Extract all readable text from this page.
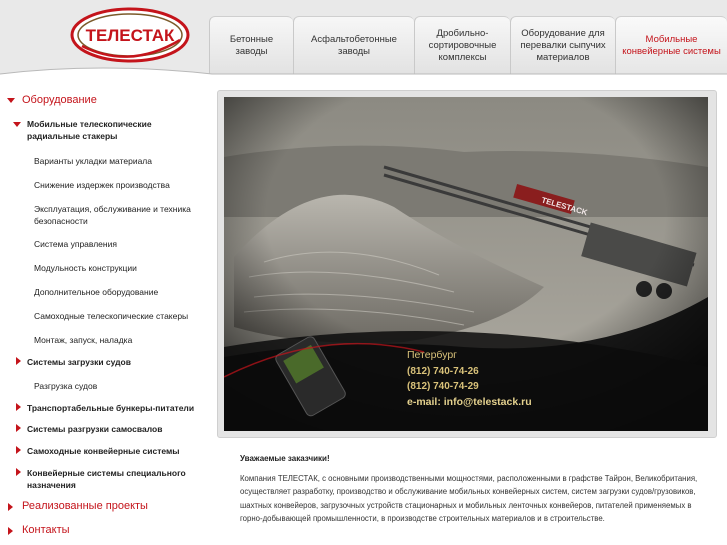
ТЕЛЕСТАК	Бетонные заводы
Асфальтобетонные заводы
Дробильно-сортировочные комплексы
Оборудование для перевалки сыпучих материалов
Мобильные конвейерные системы
Оборудование
Мобильные телескопические радиальные стакеры
Варианты укладки материала
Снижение издержек производства
Эксплуатация, обслуживание и техника безопасности
Система управления
Модульность конструкции
Дополнительное оборудование
Самоходные телескопические стакеры
Монтаж, запуск, наладка
Системы загрузки судов
Разгрузка судов
Транспортабельные бункеры-питатели
Системы разгрузки самосвалов
Самоходные конвейерные системы
Конвейерные системы специального назначения
Реализованные проекты
Контакты
Петербург
(812) 740-74-26
(812) 740-74-29
e-mail: info@telestack.ru
Уважаемые заказчики!
Компания ТЕЛЕСТАК, с основными производственными мощностями, расположенными в графстве Тайрон, Великобритания, осуществляет разработку, производство и обслуживание мобильных конвейерных систем, систем загрузки судов/грузовиков, шахтных конвейеров, загрузочных устройств стационарных и мобильных ленточных конвейеров, питателей применяемых в горно-добывающей промышленности, в производстве строительных материалов и в строительстве.
